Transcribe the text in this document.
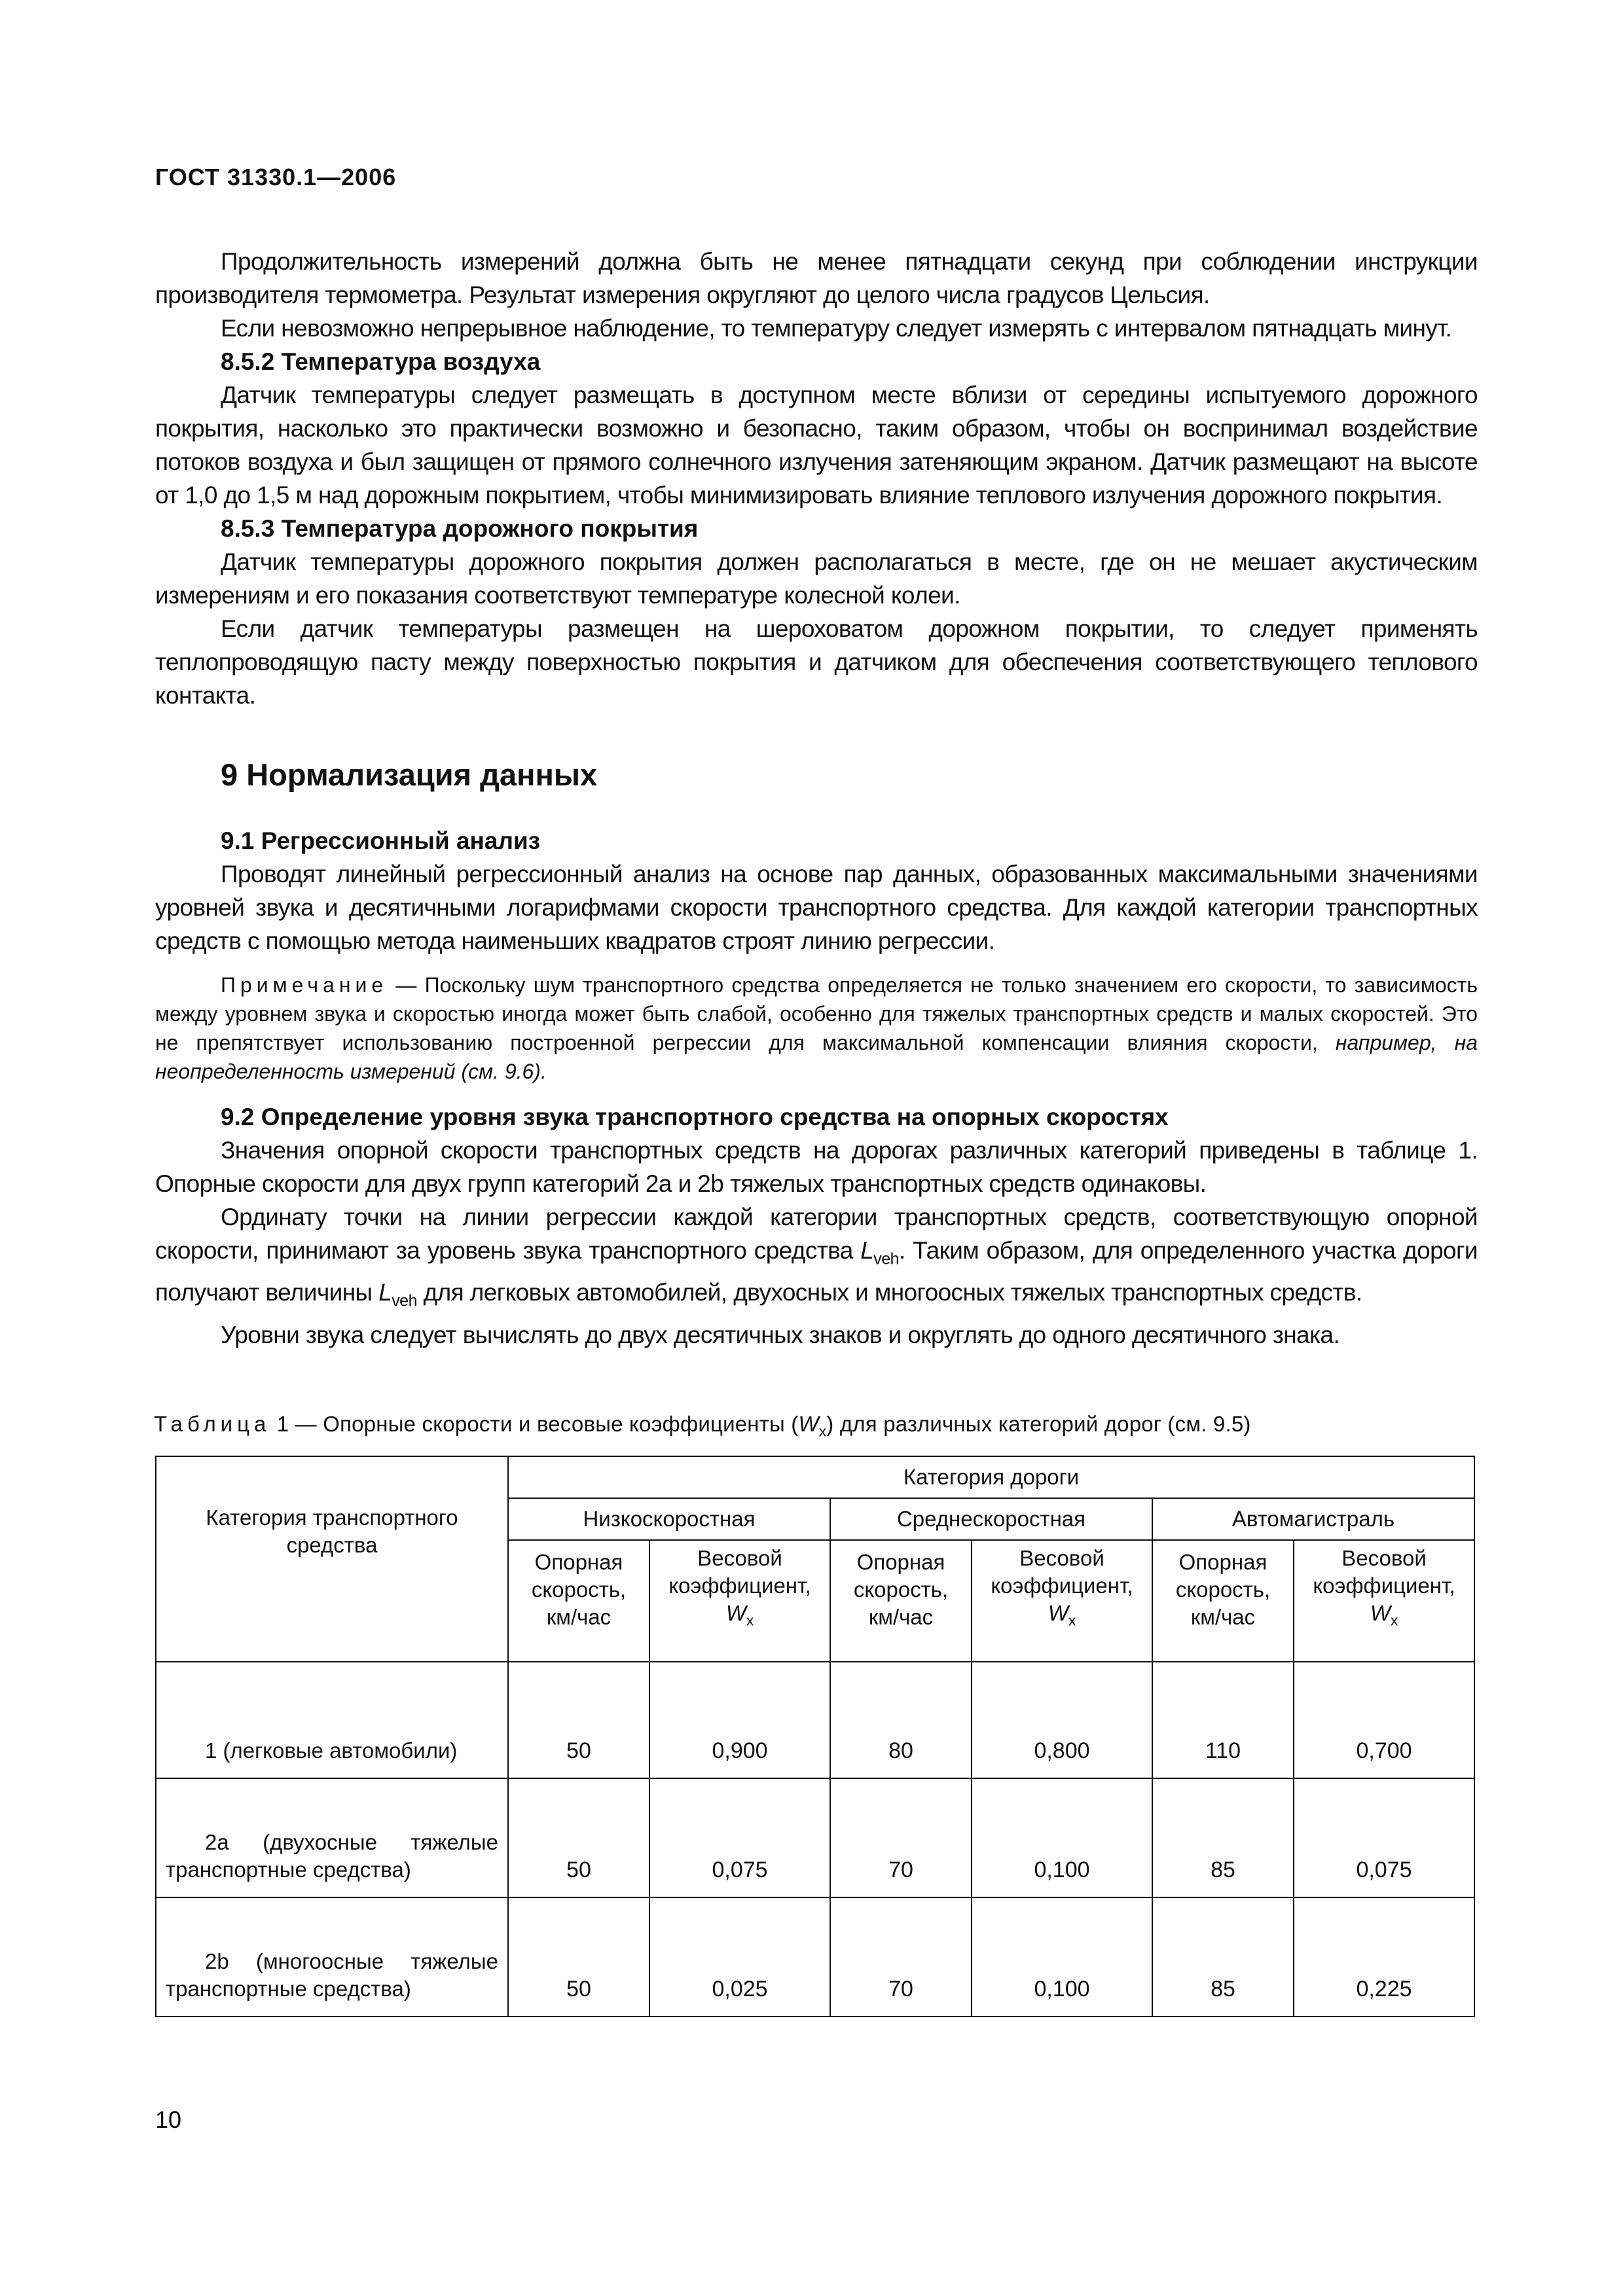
ГОСТ 31330.1—2006

Продолжительность измерений должна быть не менее пятнадцати секунд при соблюдении инструкции производителя термометра. Результат измерения округляют до целого числа градусов Цельсия.

Если невозможно непрерывное наблюдение, то температуру следует измерять с интервалом пятнадцать минут.

8.5.2 Температура воздуха

Датчик температуры следует размещать в доступном месте вблизи от середины испытуемого дорожного покрытия, насколько это практически возможно и безопасно, таким образом, чтобы он воспринимал воздействие потоков воздуха и был защищен от прямого солнечного излучения затеняющим экраном. Датчик размещают на высоте от 1,0 до 1,5 м над дорожным покрытием, чтобы минимизировать влияние теплового излучения дорожного покрытия.

8.5.3 Температура дорожного покрытия

Датчик температуры дорожного покрытия должен располагаться в месте, где он не мешает акустическим измерениям и его показания соответствуют температуре колесной колеи.

Если датчик температуры размещен на шероховатом дорожном покрытии, то следует применять теплопроводящую пасту между поверхностью покрытия и датчиком для обеспечения соответствующего теплового контакта.

9 Нормализация данных
9.1 Регрессионный анализ

Проводят линейный регрессионный анализ на основе пар данных, образованных максимальными значениями уровней звука и десятичными логарифмами скорости транспортного средства. Для каждой категории транспортных средств с помощью метода наименьших квадратов строят линию регрессии.

Примечание — Поскольку шум транспортного средства определяется не только значением его скорости, то зависимость между уровнем звука и скоростью иногда может быть слабой, особенно для тяжелых транспортных средств и малых скоростей. Это не препятствует использованию построенной регрессии для максимальной компенсации влияния скорости, например, на неопределенность измерений (см. 9.6).

9.2 Определение уровня звука транспортного средства на опорных скоростях

Значения опорной скорости транспортных средств на дорогах различных категорий приведены в таблице 1. Опорные скорости для двух групп категорий 2a и 2b тяжелых транспортных средств одинаковы.

Ординату точки на линии регрессии каждой категории транспортных средств, соответствующую опорной скорости, принимают за уровень звука транспортного средства $L_{veh}$. Таким образом, для определенного участка дороги получают величины $L_{veh}$ для легковых автомобилей, двухосных и многоосных тяжелых транспортных средств.

Уровни звука следует вычислять до двух десятичных знаков и округлять до одного десятичного знака.

Таблица 1 — Опорные скорости и весовые коэффициенты $(W_x)$ для различных категорий дорог (см. 9.5)
Категория транспортного средства	Категория дороги					
	Низкоскоростная		Среднескоростная		Автомагистраль	
	Опорная скорость, км/час	Весовой коэффициент, $W_x$	Опорная скорость, км/час	Весовой коэффициент, $W_x$	Опорная скорость, км/час	Весовой коэффициент, $W_x$
1 (легковые автомобили)	50	0,900	80	0,800	110	0,700
2a (двухосные тяжелые транспортные средства)	50	0,075	70	0,100	85	0,075
2b (многоосные тяжелые транспортные средства)	50	0,025	70	0,100	85	0,225
10
